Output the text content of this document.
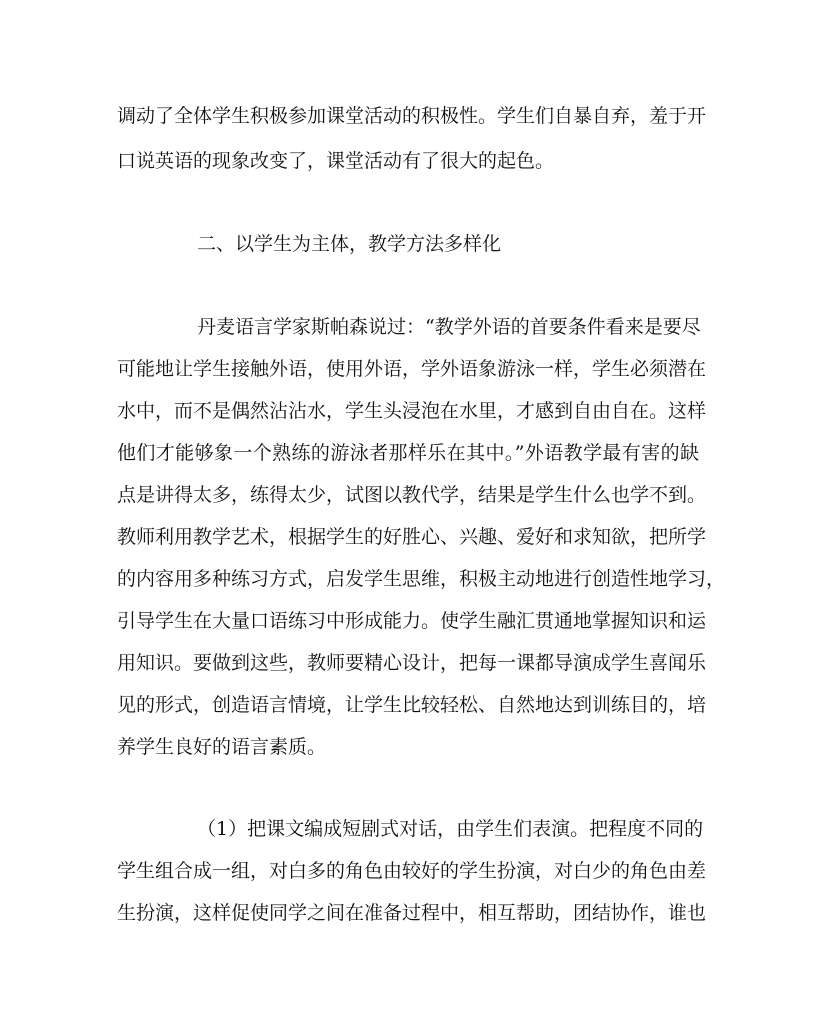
调动了全体学生积极参加课堂活动的积极性。学生们自暴自弃，羞于开
口说英语的现象改变了，课堂活动有了很大的起色。
二、以学生为主体，教学方法多样化
丹麦语言学家斯帕森说过：“教学外语的首要条件看来是要尽
可能地让学生接触外语，使用外语，学外语象游泳一样，学生必须潜在
水中，而不是偶然沾沾水，学生头浸泡在水里，才感到自由自在。这样
他们才能够象一个熟练的游泳者那样乐在其中。”外语教学最有害的缺
点是讲得太多，练得太少，试图以教代学，结果是学生什么也学不到。
教师利用教学艺术，根据学生的好胜心、兴趣、爱好和求知欲，把所学
的内容用多种练习方式，启发学生思维，积极主动地进行创造性地学习，
引导学生在大量口语练习中形成能力。使学生融汇贯通地掌握知识和运
用知识。要做到这些，教师要精心设计，把每一课都导演成学生喜闻乐
见的形式，创造语言情境，让学生比较轻松、自然地达到训练目的，培
养学生良好的语言素质。
（1）把课文编成短剧式对话，由学生们表演。把程度不同的
学生组合成一组，对白多的角色由较好的学生扮演，对白少的角色由差
生扮演，这样促使同学之间在准备过程中，相互帮助，团结协作，谁也
